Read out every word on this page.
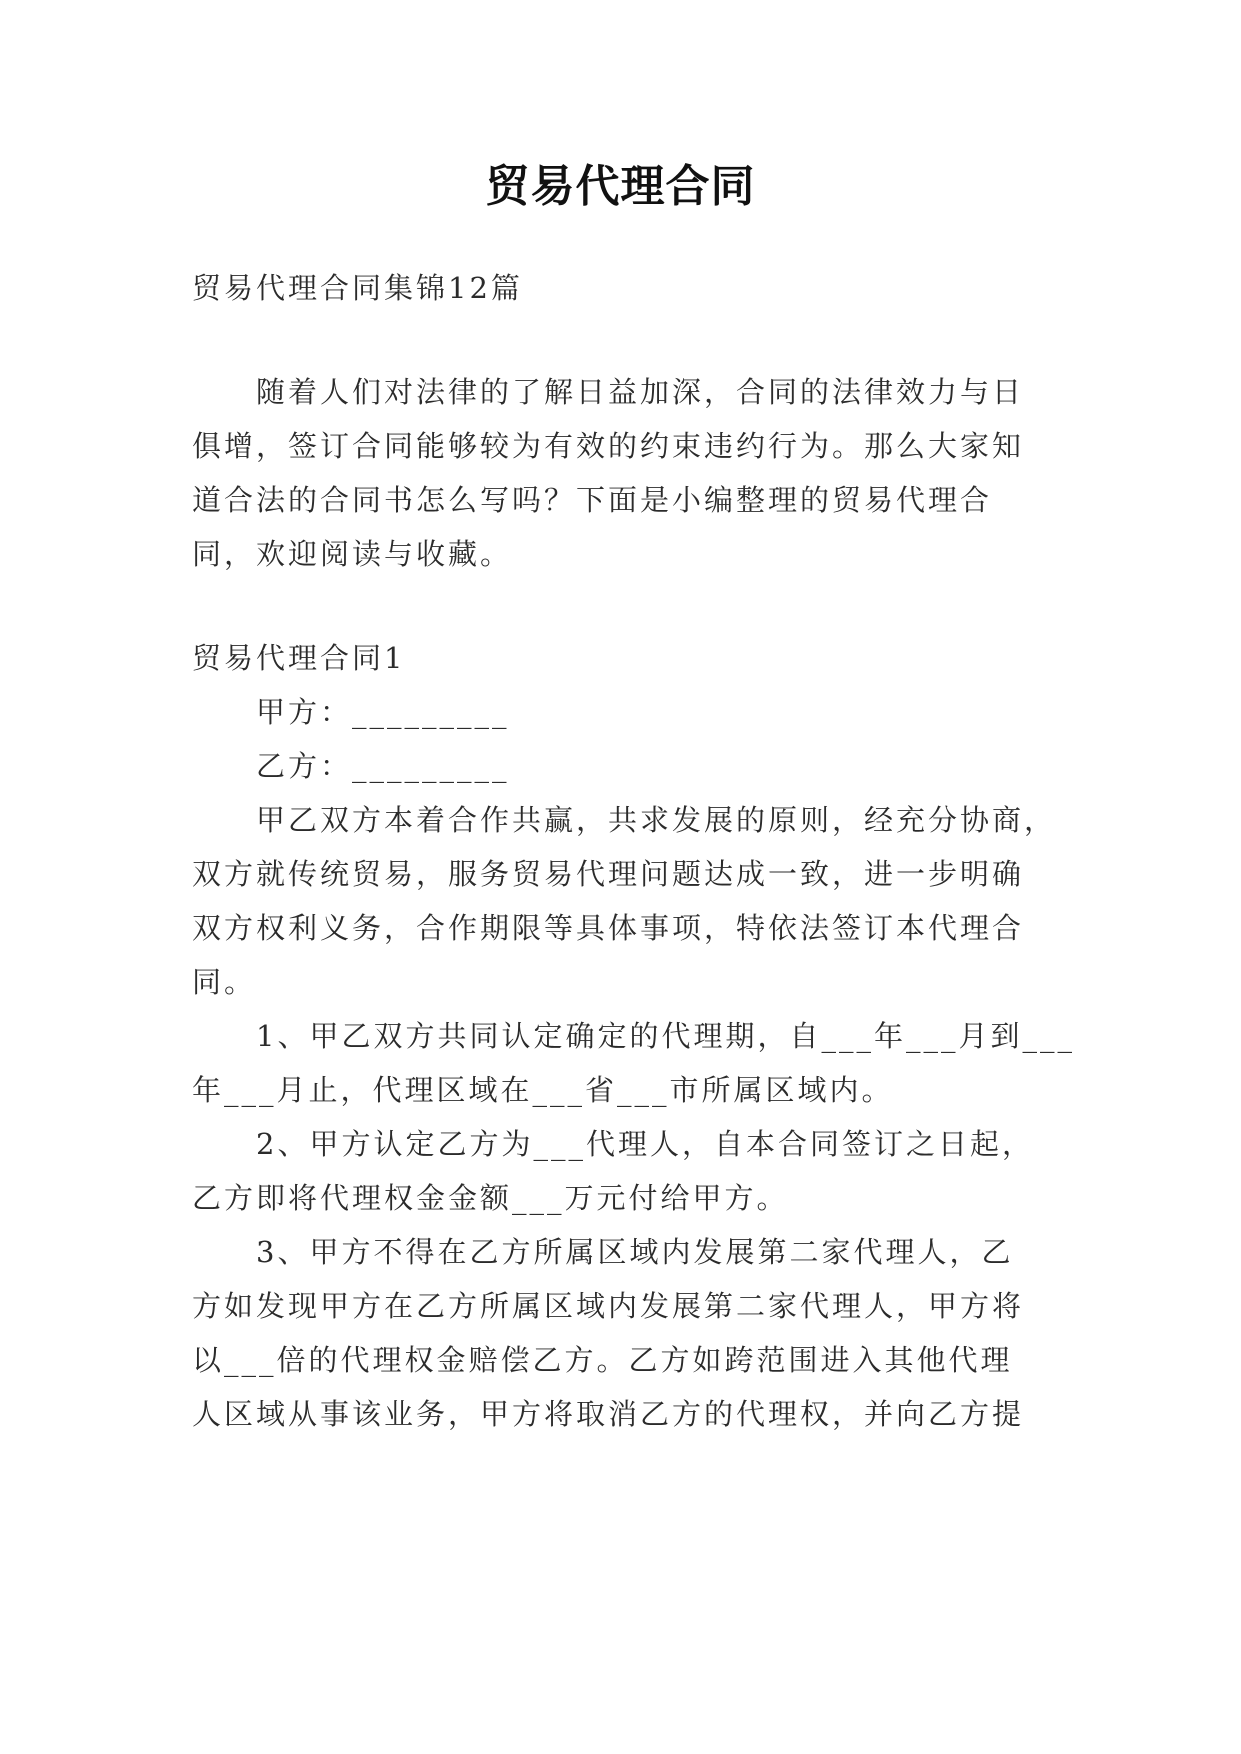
贸易代理合同

贸易代理合同集锦12篇

随着人们对法律的了解日益加深，合同的法律效力与日

俱增，签订合同能够较为有效的约束违约行为。那么大家知

道合法的合同书怎么写吗？下面是小编整理的贸易代理合

同，欢迎阅读与收藏。

贸易代理合同1

甲方：_________

乙方：_________

甲乙双方本着合作共赢，共求发展的原则，经充分协商，

双方就传统贸易，服务贸易代理问题达成一致，进一步明确

双方权利义务，合作期限等具体事项，特依法签订本代理合

同。

1、甲乙双方共同认定确定的代理期，自___年___月到___

年___月止，代理区域在___省___市所属区域内。

2、甲方认定乙方为___代理人，自本合同签订之日起，

乙方即将代理权金金额___万元付给甲方。

3、甲方不得在乙方所属区域内发展第二家代理人，乙

方如发现甲方在乙方所属区域内发展第二家代理人，甲方将

以___倍的代理权金赔偿乙方。乙方如跨范围进入其他代理

人区域从事该业务，甲方将取消乙方的代理权，并向乙方提
